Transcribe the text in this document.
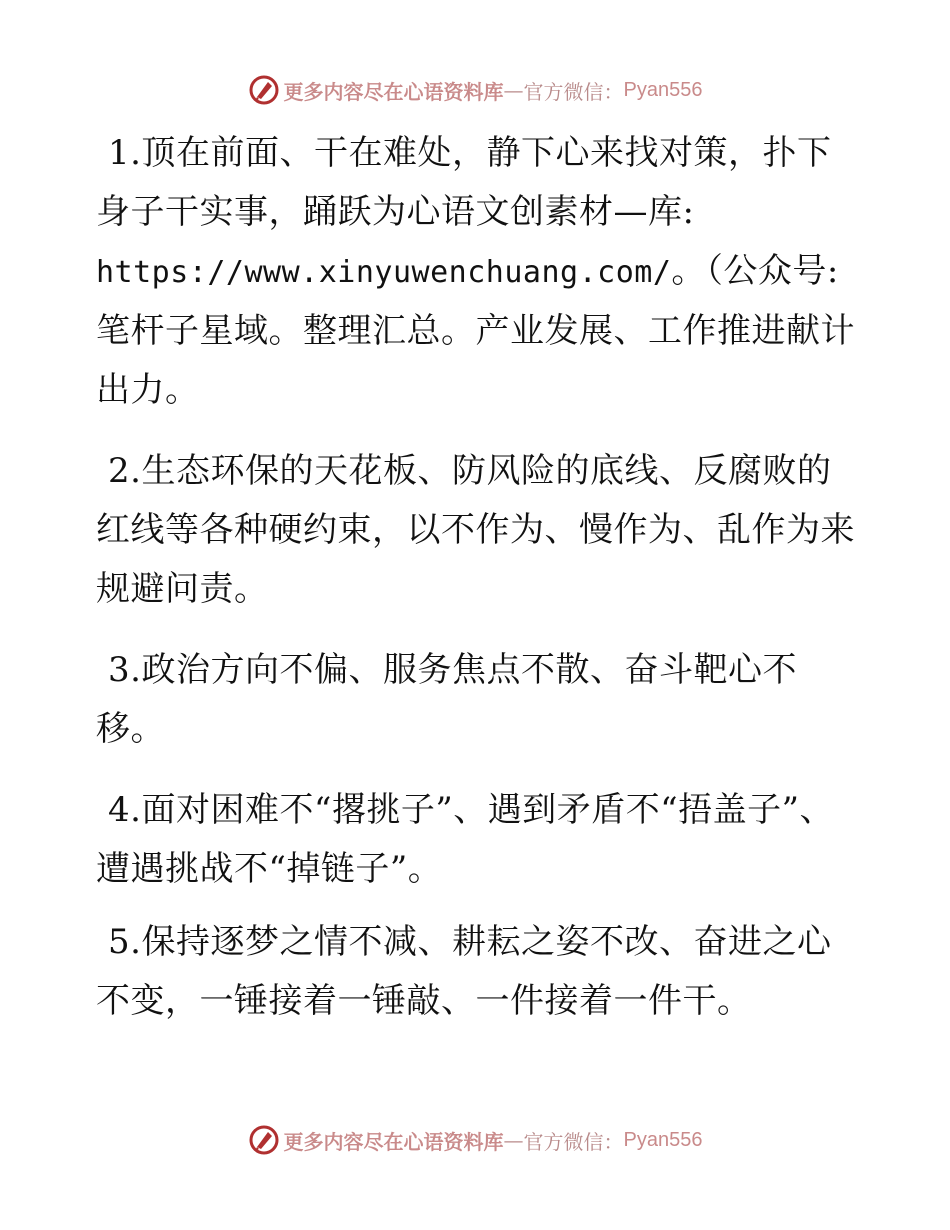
更多内容尽在心语资料库 — 官方微信： Pyan556
1.顶在前面、干在难处，静下心来找对策，扑下身子干实事，踊跃为心语文创素材—库:
https://www.xinyuwenchuang.com/。（公众号:笔杆子星域。整理汇总。产业发展、工作推进献计出力。
2.生态环保的天花板、防风险的底线、反腐败的红线等各种硬约束，以不作为、慢作为、乱作为来规避问责。
3.政治方向不偏、服务焦点不散、奋斗靶心不移。
4.面对困难不“撂挑子”、遇到矛盾不“捂盖子”、遭遇挑战不“掉链子”。
5.保持逐梦之情不减、耕耘之姿不改、奋进之心不变，一锤接着一锤敲、一件接着一件干。
更多内容尽在心语资料库 — 官方微信： Pyan556
